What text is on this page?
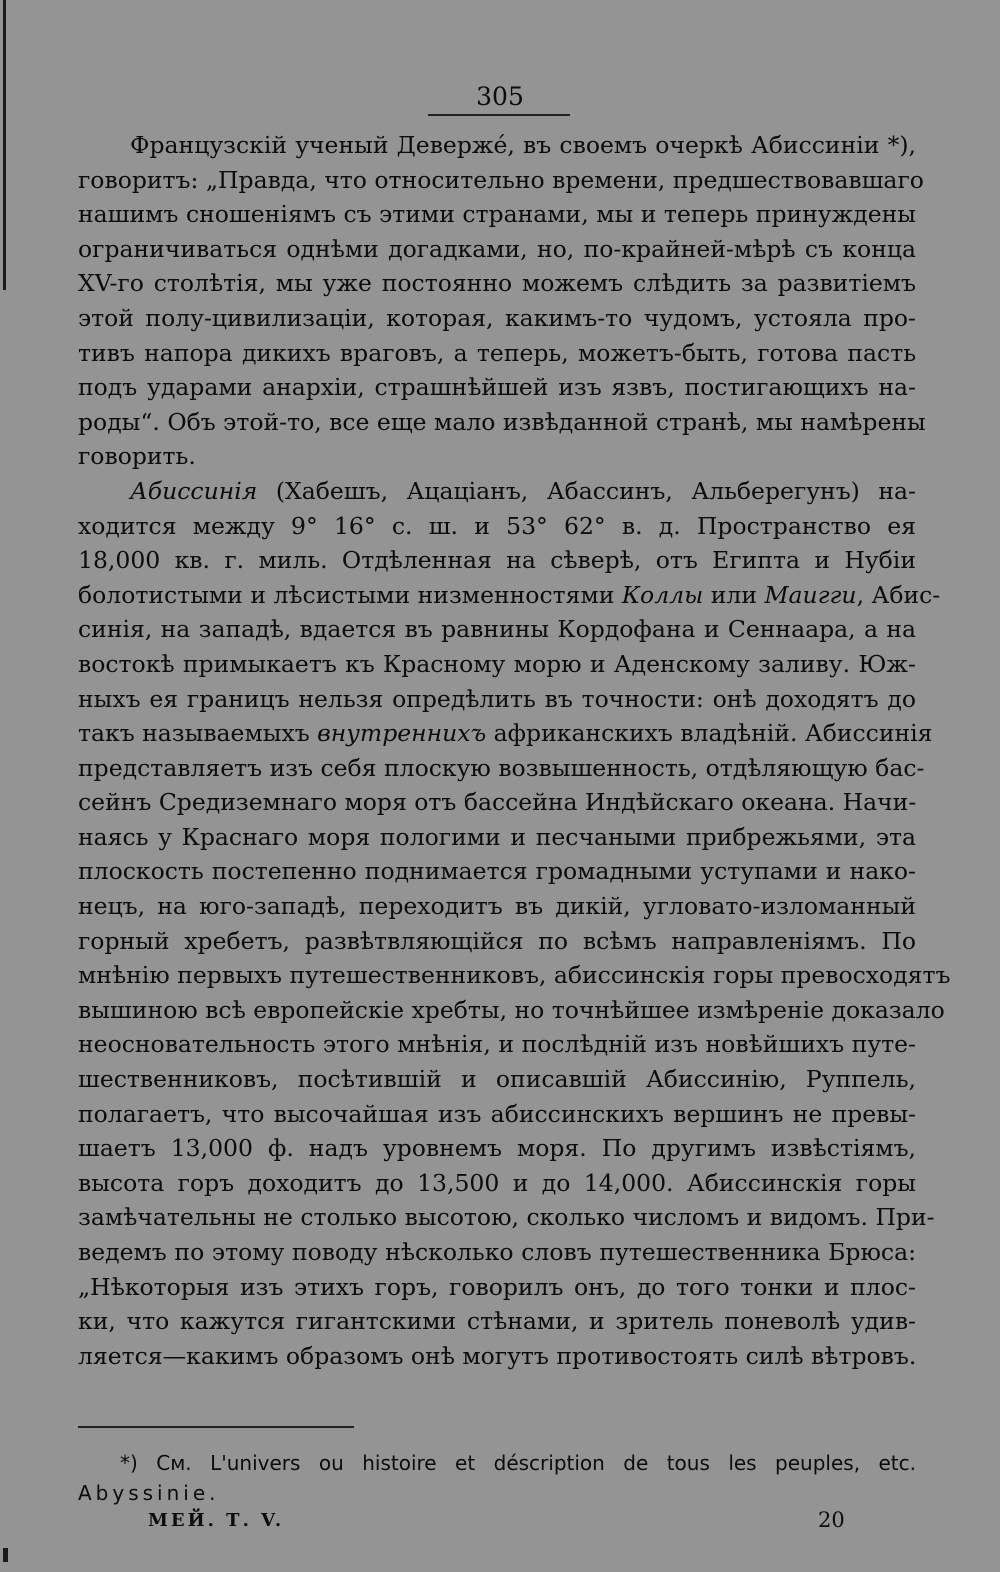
305
Французскій ученый Девержé, въ своемъ очеркѣ Абиссиніи *),
говоритъ: „Правда, что относительно времени, предшествовавшаго
нашимъ сношеніямъ съ этими странами, мы и теперь принуждены
ограничиваться однѣми догадками, но, по-крайней-мѣрѣ съ конца
XV-го столѣтія, мы уже постоянно можемъ слѣдить за развитіемъ
этой полу-цивилизаціи, которая, какимъ-то чудомъ, устояла про-
тивъ напора дикихъ враговъ, а теперь, можетъ-быть, готова пасть
подъ ударами анархіи, страшнѣйшей изъ язвъ, постигающихъ на-
роды“. Объ этой-то, все еще мало извѣданной странѣ, мы намѣрены
говорить.
Абиссинія (Хабешъ, Ацаціанъ, Абассинъ, Альберегунъ) на-
ходится между 9° 16° с. ш. и 53° 62° в. д. Пространство ея
18,000 кв. г. миль. Отдѣленная на сѣверѣ, отъ Египта и Нубіи
болотистыми и лѣсистыми низменностями Коллы или Маигги, Абис-
синія, на западѣ, вдается въ равнины Кордофана и Сеннаара, а на
востокѣ примыкаетъ къ Красному морю и Аденскому заливу. Юж-
ныхъ ея границъ нельзя опредѣлить въ точности: онѣ доходятъ до
такъ называемыхъ внутреннихъ африканскихъ владѣній. Абиссинія
представляетъ изъ себя плоскую возвышенность, отдѣляющую бас-
сейнъ Средиземнаго моря отъ бассейна Индѣйскаго океана. Начи-
наясь у Краснаго моря пологими и песчаными прибрежьями, эта
плоскость постепенно поднимается громадными уступами и нако-
нецъ, на юго-западѣ, переходитъ въ дикій, угловато-изломанный
горный хребетъ, развѣтвляющійся по всѣмъ направленіямъ. По
мнѣнію первыхъ путешественниковъ, абиссинскія горы превосходятъ
вышиною всѣ европейскіе хребты, но точнѣйшее измѣреніе доказало
неосновательность этого мнѣнія, и послѣдній изъ новѣйшихъ путе-
шественниковъ, посѣтившій и описавшій Абиссинію, Руппель,
полагаетъ, что высочайшая изъ абиссинскихъ вершинъ не превы-
шаетъ 13,000 ф. надъ уровнемъ моря. По другимъ извѣстіямъ,
высота горъ доходитъ до 13,500 и до 14,000. Абиссинскія горы
замѣчательны не столько высотою, сколько числомъ и видомъ. При-
ведемъ по этому поводу нѣсколько словъ путешественника Брюса:
„Нѣкоторыя изъ этихъ горъ, говорилъ онъ, до того тонки и плос-
ки, что кажутся гигантскими стѣнами, и зритель поневолѣ удив-
ляется—какимъ образомъ онѣ могутъ противостоять силѣ вѣтровъ.
*) См. L'univers ou histoire et déscription de tous les peuples, etc.
Abyssinie.
МЕЙ. Т. V.	20
